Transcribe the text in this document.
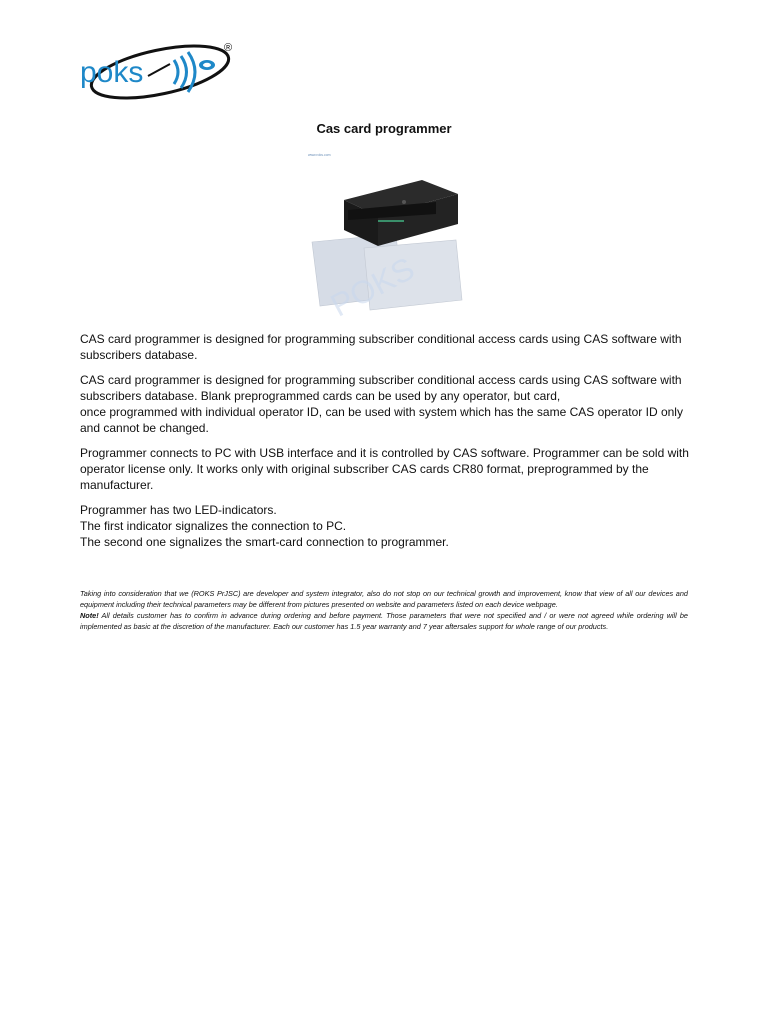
poks
®
Cas card programmer
www.roks.com
POKS

CAS card programmer is designed for programming subscriber conditional access cards using CAS software with subscribers database.

CAS card programmer is designed for programming subscriber conditional access cards using CAS software with subscribers database. Blank preprogrammed cards can be used by any operator, but card,
once programmed with individual operator ID, can be used with system which has the same CAS operator ID only and cannot be changed.

Programmer connects to PC with USB interface and it is controlled by CAS software. Programmer can be sold with operator license only. It works only with original subscriber CAS cards CR80 format, preprogrammed by the manufacturer.

Programmer has two LED-indicators.
The first indicator signalizes the connection to PC.
The second one signalizes the smart-card connection to programmer.

Taking into consideration that we (ROKS PrJSC) are developer and system integrator, also do not stop on our technical growth and improvement, know that view of all our devices and equipment including their technical parameters may be different from pictures presented on website and parameters listed on each device webpage.

Note! All details customer has to confirm in advance during ordering and before payment. Those parameters that were not specified and / or were not agreed while ordering will be implemented as basic at the discretion of the manufacturer. Each our customer has 1.5 year warranty and 7 year aftersales support for whole range of our products.
